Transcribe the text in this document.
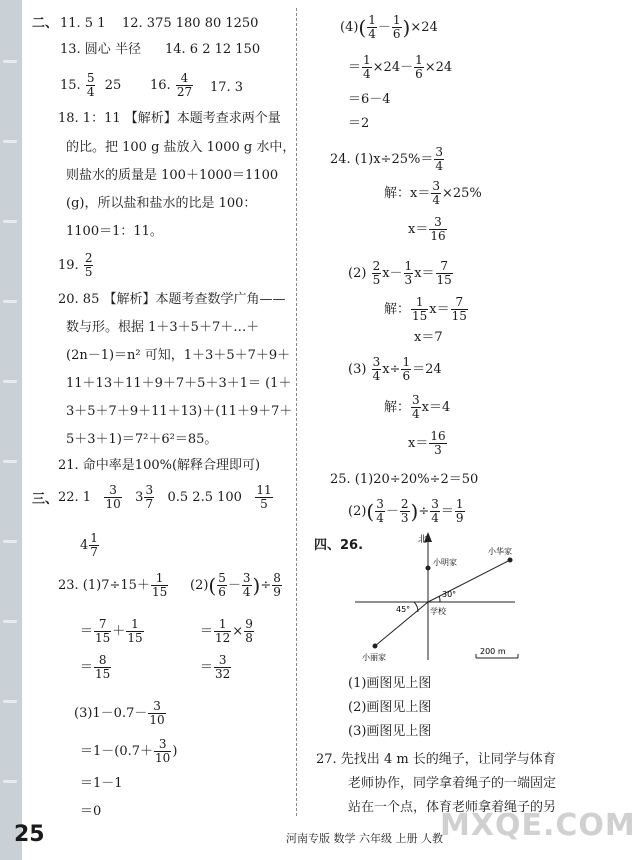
二、 11. 5 1 12. 375 180 80 1250
13. 圆心 半径 14. 6 2 12 150
15. $\frac{5}{4} 25$ 16. $\frac{4}{27} 17$. 3
18. 1：11 【解析】本题考查求两个量
的比。把 100 g 盐放入 1000 g 水中，
则盐水的质量是 100＋1000＝1100
(g)，所以盐和盐水的比是 100：
1100＝1：11。
19. $\frac{2}{5}$
20. 85 【解析】本题考查数学广角——
数与形。根据 1＋3＋5＋7＋…＋
(2n－1)＝n² 可知，1＋3＋5＋7＋9＋
11＋13＋11＋9＋7＋5＋3＋1＝ (1＋
3＋5＋7＋9＋11＋13)＋(11＋9＋7＋
5＋3＋1)＝7²＋6²＝85。
21. 命中率是100%(解释合理即可)
三、 22. $1 \frac{3}{10} 3 \frac{3}{7} 0.5$ 2.5 $100 \frac{11}{5}$
$4 \frac{1}{7}$
23. $(1)7\div 15+ \frac{1}{15}$
＝ $\frac{7}{15} + \frac{1}{15}$
＝ $\frac{8}{15}$
$(2)( \frac{5}{6} - \frac{3}{4}$ )÷ $\frac{8}{9}$
＝ $\frac{1}{12} \times \frac{9}{8}$
＝ $\frac{3}{32}$
$(3)1-0.7- \frac{3}{10}$
$=1-(0.7+ \frac{3}{10}$ )
＝1－1
＝0
$(4)( \frac{1}{4} - \frac{1}{6} )\times 24$
＝ $\frac{1}{4} \times 24- \frac{1}{6} \times 24$
＝6－4
＝2
24. $(1)x\div 25\%= \frac{3}{4}$
解：$x= \frac{3}{4} \times 25\%$
$x= \frac{3}{16}$
$(2) \frac{2}{5} x- \frac{1}{3} x= \frac{7}{15}$
解： $\frac{1}{15} x= \frac{7}{15}$
x＝7
$(3) \frac{3}{4} x\div \frac{1}{6} =24$
解： $\frac{3}{4} x=4$
$x= \frac{16}{3}$
25. (1)20÷20%÷2＝50
$(2)( \frac{3}{4} - \frac{2}{3}$ )÷ $\frac{3}{4} = \frac{1}{9}$
四、26.	北
小明家
小华家
30°
45° 学校
小丽家
200 m
(1)画图见上图
(2)画图见上图
(3)画图见上图
27. 先找出 4 m 长的绳子，让同学与体育
老师协作，同学拿着绳子的一端固定
站在一个点，体育老师拿着绳子的另
MXQE.COM
25	河南专版 数学 六年级 上册 人教
